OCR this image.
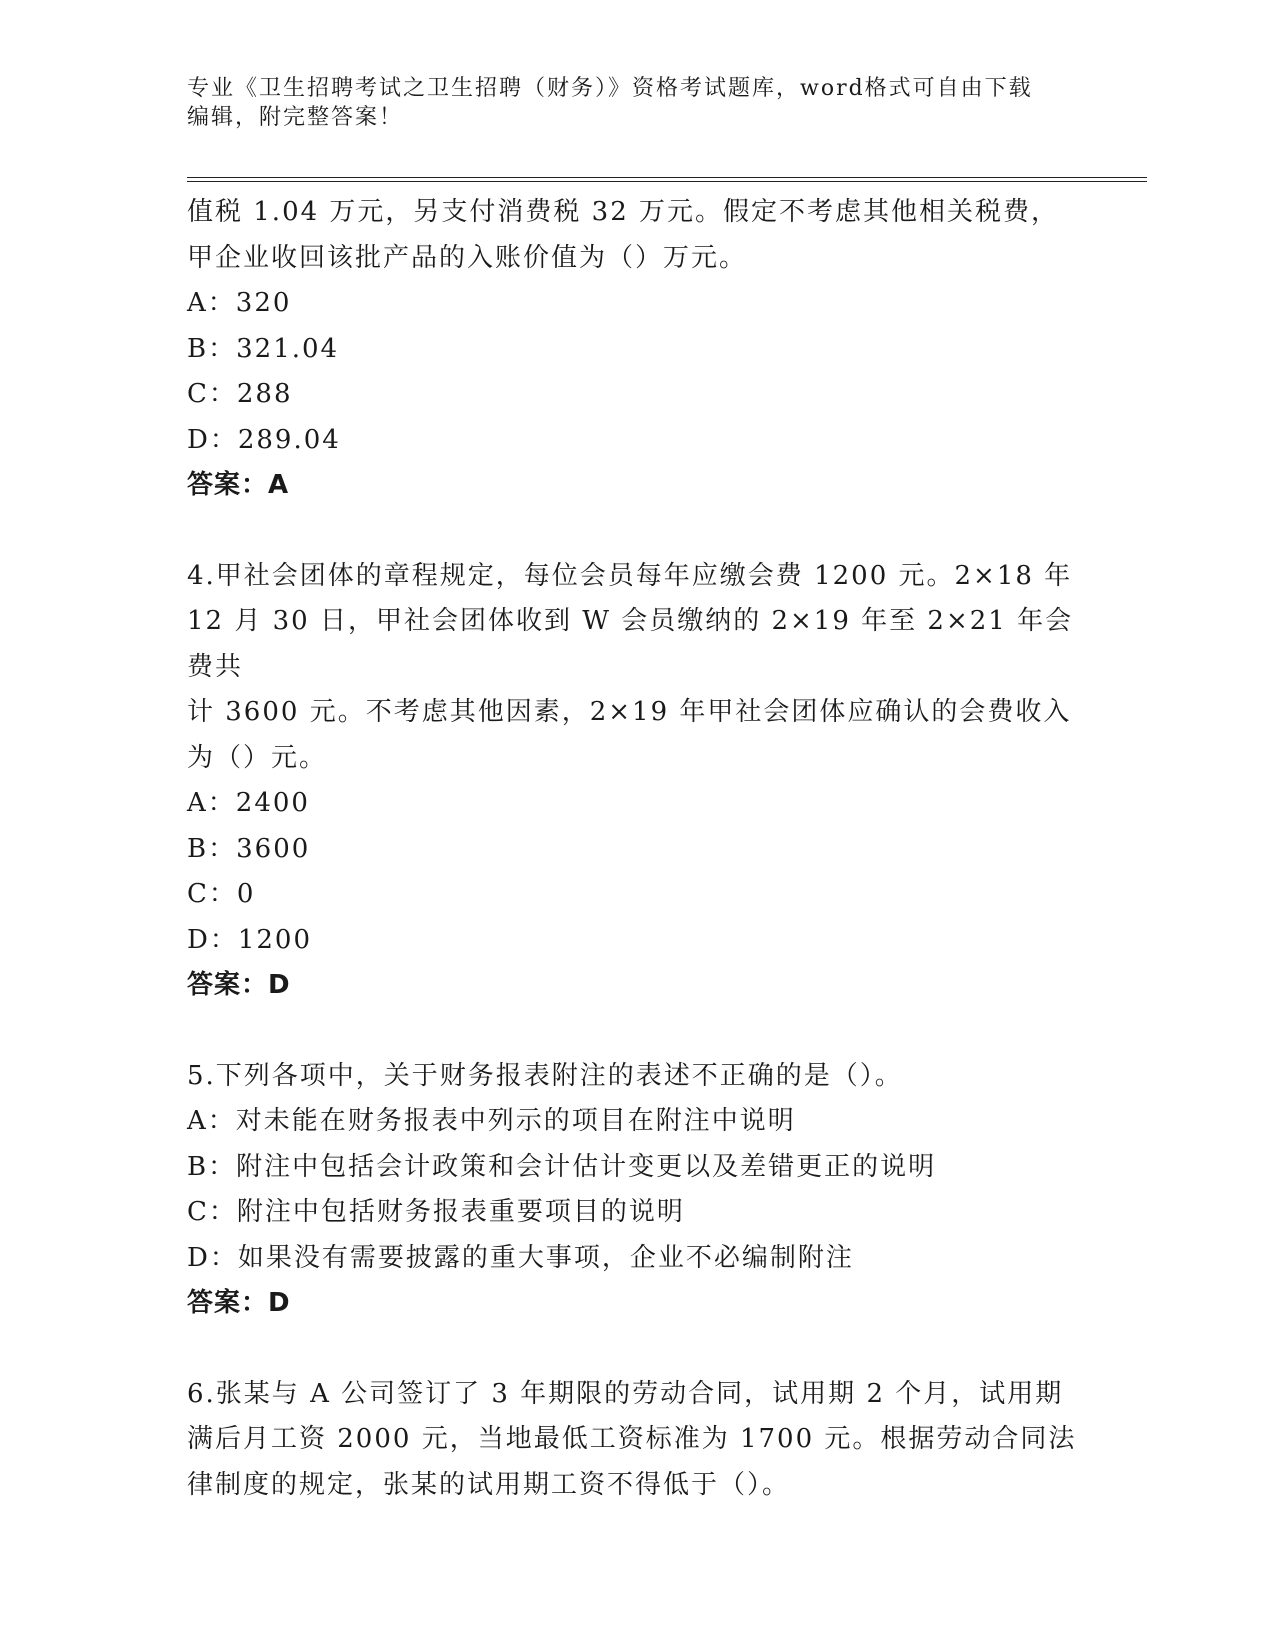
专业《卫生招聘考试之卫生招聘（财务）》资格考试题库，word格式可自由下载
编辑，附完整答案！

值税 1.04 万元，另支付消费税 32 万元。假定不考虑其他相关税费，

甲企业收回该批产品的入账价值为（）万元。

A：320

B：321.04

C：288

D：289.04

答案：A

4.甲社会团体的章程规定，每位会员每年应缴会费 1200 元。2×18 年

12 月 30 日，甲社会团体收到 W 会员缴纳的 2×19 年至 2×21 年会费共

计 3600 元。不考虑其他因素，2×19 年甲社会团体应确认的会费收入

为（）元。

A：2400

B：3600

C：0

D：1200

答案：D

5.下列各项中，关于财务报表附注的表述不正确的是（）。

A：对未能在财务报表中列示的项目在附注中说明

B：附注中包括会计政策和会计估计变更以及差错更正的说明

C：附注中包括财务报表重要项目的说明

D：如果没有需要披露的重大事项，企业不必编制附注

答案：D

6.张某与 A 公司签订了 3 年期限的劳动合同，试用期 2 个月，试用期

满后月工资 2000 元，当地最低工资标准为 1700 元。根据劳动合同法

律制度的规定，张某的试用期工资不得低于（）。
